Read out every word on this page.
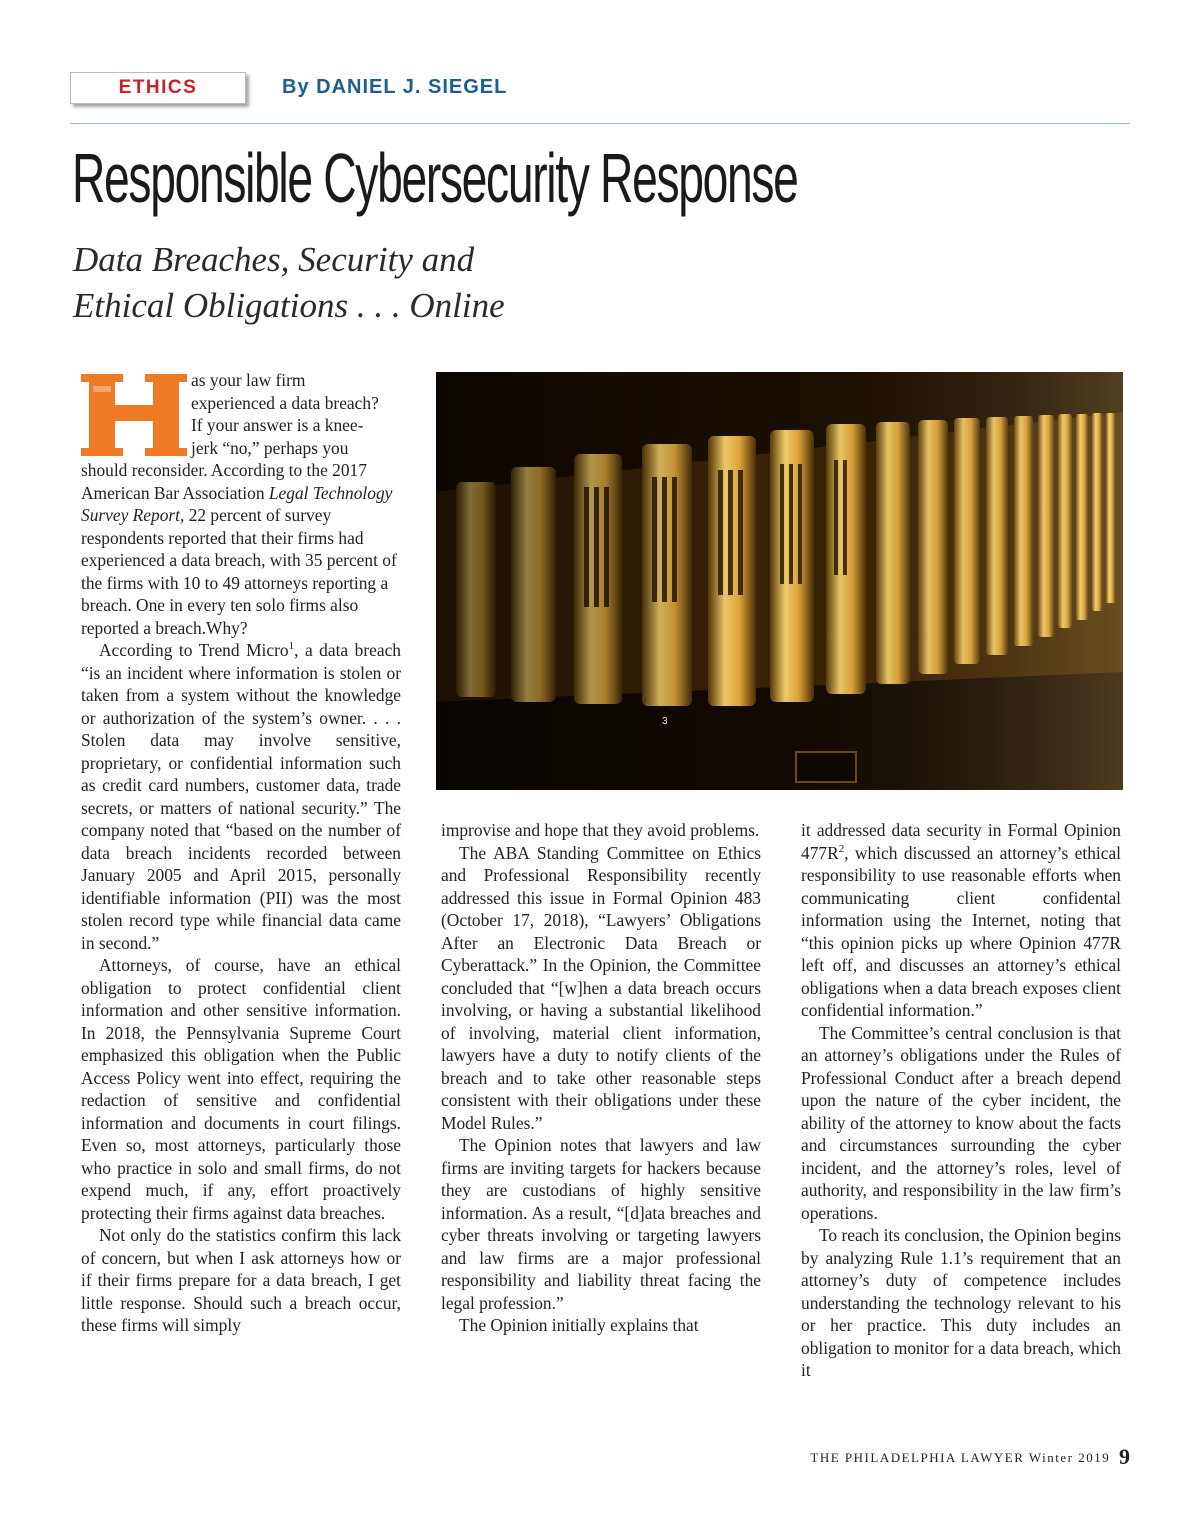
ETHICS	By DANIEL J. SIEGEL
Responsible Cybersecurity Response
Data Breaches, Security and
Ethical Obligations . . . Online
as your law firm
experienced a data breach?
If your answer is a knee-
jerk “no,” perhaps you

should reconsider. According to the 2017 American Bar Association Legal Technology Survey Report, 22 percent of survey respondents reported that their firms had experienced a data breach, with 35 percent of the firms with 10 to 49 attorneys reporting a breach. One in every ten solo firms also reported a breach.Why?

According to Trend Micro$^1$, a data breach “is an incident where information is stolen or taken from a system without the knowledge or authorization of the system’s owner. . . . Stolen data may involve sensitive, proprietary, or confidential information such as credit card numbers, customer data, trade secrets, or matters of national security.” The company noted that “based on the number of data breach incidents recorded between January 2005 and April 2015, personally identifiable information (PII) was the most stolen record type while financial data came in second.”

Attorneys, of course, have an ethical obligation to protect confidential client information and other sensitive information. In 2018, the Pennsylvania Supreme Court emphasized this obligation when the Public Access Policy went into effect, requiring the redaction of sensitive and confidential information and documents in court filings. Even so, most attorneys, particularly those who practice in solo and small firms, do not expend much, if any, effort proactively protecting their firms against data breaches.

Not only do the statistics confirm this lack of concern, but when I ask attorneys how or if their firms prepare for a data breach, I get little response. Should such a breach occur, these firms will simply

3

improvise and hope that they avoid problems.

The ABA Standing Committee on Ethics and Professional Responsibility recently addressed this issue in Formal Opinion 483 (October 17, 2018), “Lawyers’ Obligations After an Electronic Data Breach or Cyberattack.” In the Opinion, the Committee concluded that “[w]hen a data breach occurs involving, or having a substantial likelihood of involving, material client information, lawyers have a duty to notify clients of the breach and to take other reasonable steps consistent with their obligations under these Model Rules.”

The Opinion notes that lawyers and law firms are inviting targets for hackers because they are custodians of highly sensitive information. As a result, “[d]ata breaches and cyber threats involving or targeting lawyers and law firms are a major professional responsibility and liability threat facing the legal profession.”

The Opinion initially explains that

it addressed data security in Formal Opinion $477R^2$, which discussed an attorney’s ethical responsibility to use reasonable efforts when communicating client confidental information using the Internet, noting that “this opinion picks up where Opinion 477R left off, and discusses an attorney’s ethical obligations when a data breach exposes client confidential information.”

The Committee’s central conclusion is that an attorney’s obligations under the Rules of Professional Conduct after a breach depend upon the nature of the cyber incident, the ability of the attorney to know about the facts and circumstances surrounding the cyber incident, and the attorney’s roles, level of authority, and responsibility in the law firm’s operations.

To reach its conclusion, the Opinion begins by analyzing Rule 1.1’s requirement that an attorney’s duty of competence includes understanding the technology relevant to his or her practice. This duty includes an obligation to monitor for a data breach, which it

THE PHILADELPHIA LAWYER Winter 2019 9
